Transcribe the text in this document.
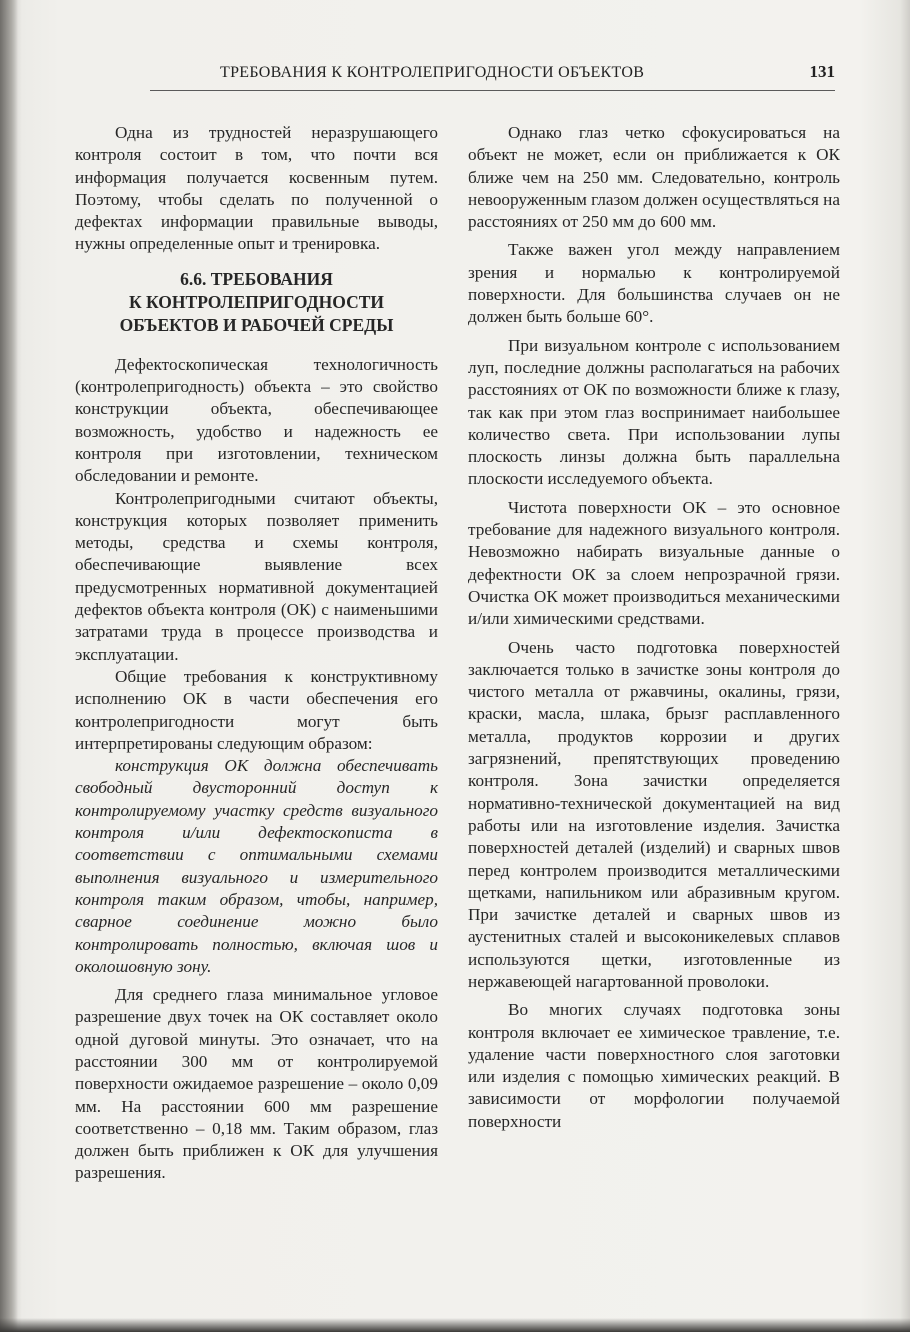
ТРЕБОВАНИЯ К КОНТРОЛЕПРИГОДНОСТИ ОБЪЕКТОВ	131

Одна из трудностей неразрушающего контроля состоит в том, что почти вся информация получается косвенным путем. Поэтому, чтобы сделать по полученной о дефектах информации правильные выводы, нужны определенные опыт и тренировка.

6.6. ТРЕБОВАНИЯ
К КОНТРОЛЕПРИГОДНОСТИ
ОБЪЕКТОВ И РАБОЧЕЙ СРЕДЫ

Дефектоскопическая технологичность (контролепригодность) объекта – это свойство конструкции объекта, обеспечивающее возможность, удобство и надежность ее контроля при изготовлении, техническом обследовании и ремонте.

Контролепригодными считают объекты, конструкция которых позволяет применить методы, средства и схемы контроля, обеспечивающие выявление всех предусмотренных нормативной документацией дефектов объекта контроля (ОК) с наименьшими затратами труда в процессе производства и эксплуатации.

Общие требования к конструктивному исполнению ОК в части обеспечения его контролепригодности могут быть интерпретированы следующим образом:

конструкция ОК должна обеспечивать свободный двусторонний доступ к контролируемому участку средств визуального контроля и/или дефектоскописта в соответствии с оптимальными схемами выполнения визуального и измерительного контроля таким образом, чтобы, например, сварное соединение можно было контролировать полностью, включая шов и околошовную зону.

Для среднего глаза минимальное угловое разрешение двух точек на ОК составляет около одной дуговой минуты. Это означает, что на расстоянии 300 мм от контролируемой поверхности ожидаемое разрешение – около 0,09 мм. На расстоянии 600 мм разрешение соответственно – 0,18 мм. Таким образом, глаз должен быть приближен к ОК для улучшения разрешения.

Однако глаз четко сфокусироваться на объект не может, если он приближается к ОК ближе чем на 250 мм. Следовательно, контроль невооруженным глазом должен осуществляться на расстояниях от 250 мм до 600 мм.

Также важен угол между направлением зрения и нормалью к контролируемой поверхности. Для большинства случаев он не должен быть больше 60°.

При визуальном контроле с использованием луп, последние должны располагаться на рабочих расстояниях от ОК по возможности ближе к глазу, так как при этом глаз воспринимает наибольшее количество света. При использовании лупы плоскость линзы должна быть параллельна плоскости исследуемого объекта.

Чистота поверхности ОК – это основное требование для надежного визуального контроля. Невозможно набирать визуальные данные о дефектности ОК за слоем непрозрачной грязи. Очистка ОК может производиться механическими и/или химическими средствами.

Очень часто подготовка поверхностей заключается только в зачистке зоны контроля до чистого металла от ржавчины, окалины, грязи, краски, масла, шлака, брызг расплавленного металла, продуктов коррозии и других загрязнений, препятствующих проведению контроля. Зона зачистки определяется нормативно-технической документацией на вид работы или на изготовление изделия. Зачистка поверхностей деталей (изделий) и сварных швов перед контролем производится металлическими щетками, напильником или абразивным кругом. При зачистке деталей и сварных швов из аустенитных сталей и высоконикелевых сплавов используются щетки, изготовленные из нержавеющей нагартованной проволоки.

Во многих случаях подготовка зоны контроля включает ее химическое травление, т.е. удаление части поверхностного слоя заготовки или изделия с помощью химических реакций. В зависимости от морфологии получаемой поверхности
